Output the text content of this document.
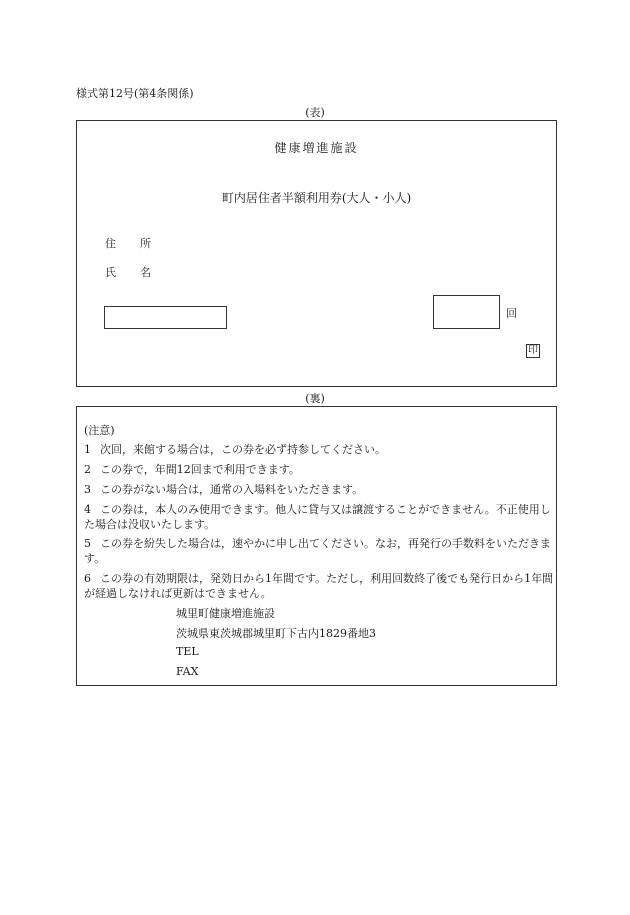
様式第12号(第4条関係)
(表)
健康増進施設
町内居住者半額利用券(大人・小人)
住 所
氏 名
回
印
(裏)
(注意)
1 次回，来館する場合は，この券を必ず持参してください。
2 この券で，年間12回まで利用できます。
3 この券がない場合は，通常の入場料をいただきます。
4 この券は，本人のみ使用できます。他人に貸与又は譲渡することができません。不正使用した場合は没収いたします。
5 この券を紛失した場合は，速やかに申し出てください。なお，再発行の手数料をいただきます。
6 この券の有効期限は，発効日から1年間です。ただし，利用回数終了後でも発行日から1年間が経過しなければ更新はできません。
城里町健康増進施設
茨城県東茨城郡城里町下古内1829番地3
TEL
FAX
